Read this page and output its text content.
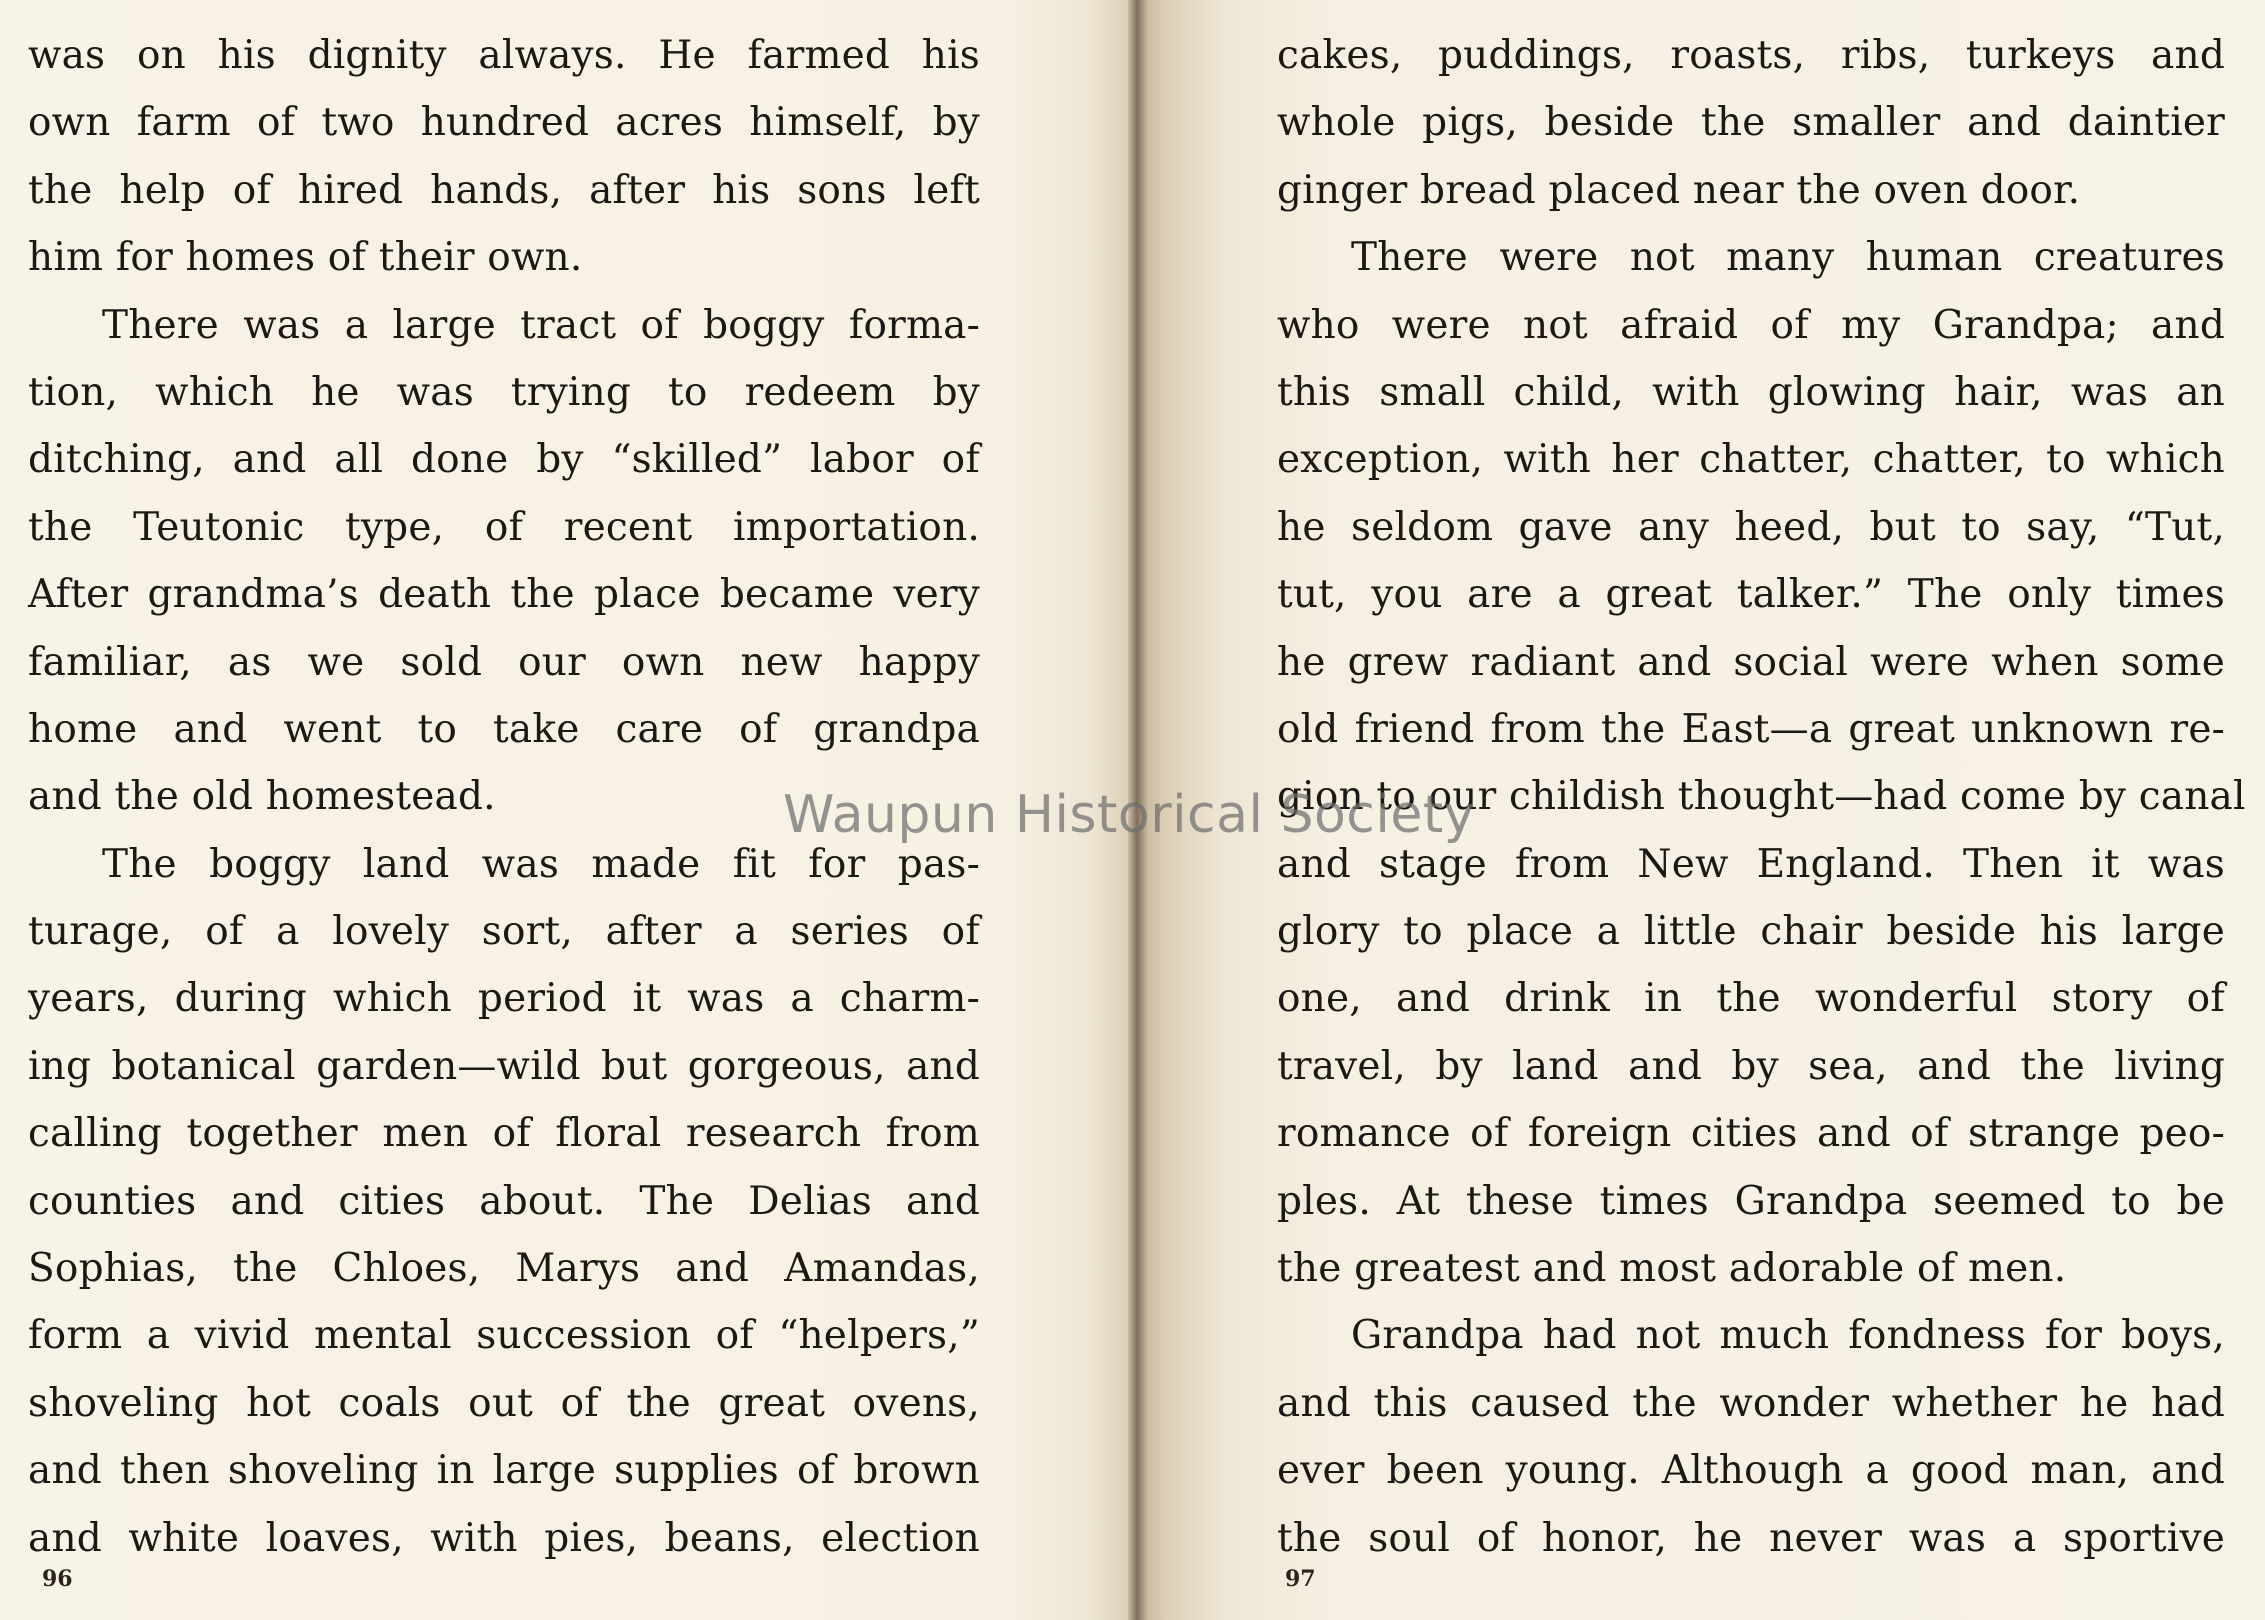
was on his dignity always. He farmed his
own farm of two hundred acres himself, by
the help of hired hands, after his sons left
him for homes of their own.
There was a large tract of boggy forma-
tion, which he was trying to redeem by
ditching, and all done by “skilled” labor of
the Teutonic type, of recent importation.
After grandma’s death the place became very
familiar, as we sold our own new happy
home and went to take care of grandpa
and the old homestead.
The boggy land was made fit for pas-
turage, of a lovely sort, after a series of
years, during which period it was a charm-
ing botanical garden—wild but gorgeous, and
calling together men of floral research from
counties and cities about. The Delias and
Sophias, the Chloes, Marys and Amandas,
form a vivid mental succession of “helpers,”
shoveling hot coals out of the great ovens,
and then shoveling in large supplies of brown
and white loaves, with pies, beans, election
96
cakes, puddings, roasts, ribs, turkeys and
whole pigs, beside the smaller and daintier
ginger bread placed near the oven door.
There were not many human creatures
who were not afraid of my Grandpa; and
this small child, with glowing hair, was an
exception, with her chatter, chatter, to which
he seldom gave any heed, but to say, “Tut,
tut, you are a great talker.” The only times
he grew radiant and social were when some
old friend from the East—a great unknown re-
gion to our childish thought—had come by canal
and stage from New England. Then it was
glory to place a little chair beside his large
one, and drink in the wonderful story of
travel, by land and by sea, and the living
romance of foreign cities and of strange peo-
ples. At these times Grandpa seemed to be
the greatest and most adorable of men.
Grandpa had not much fondness for boys,
and this caused the wonder whether he had
ever been young. Although a good man, and
the soul of honor, he never was a sportive
97
Waupun Historical Society
